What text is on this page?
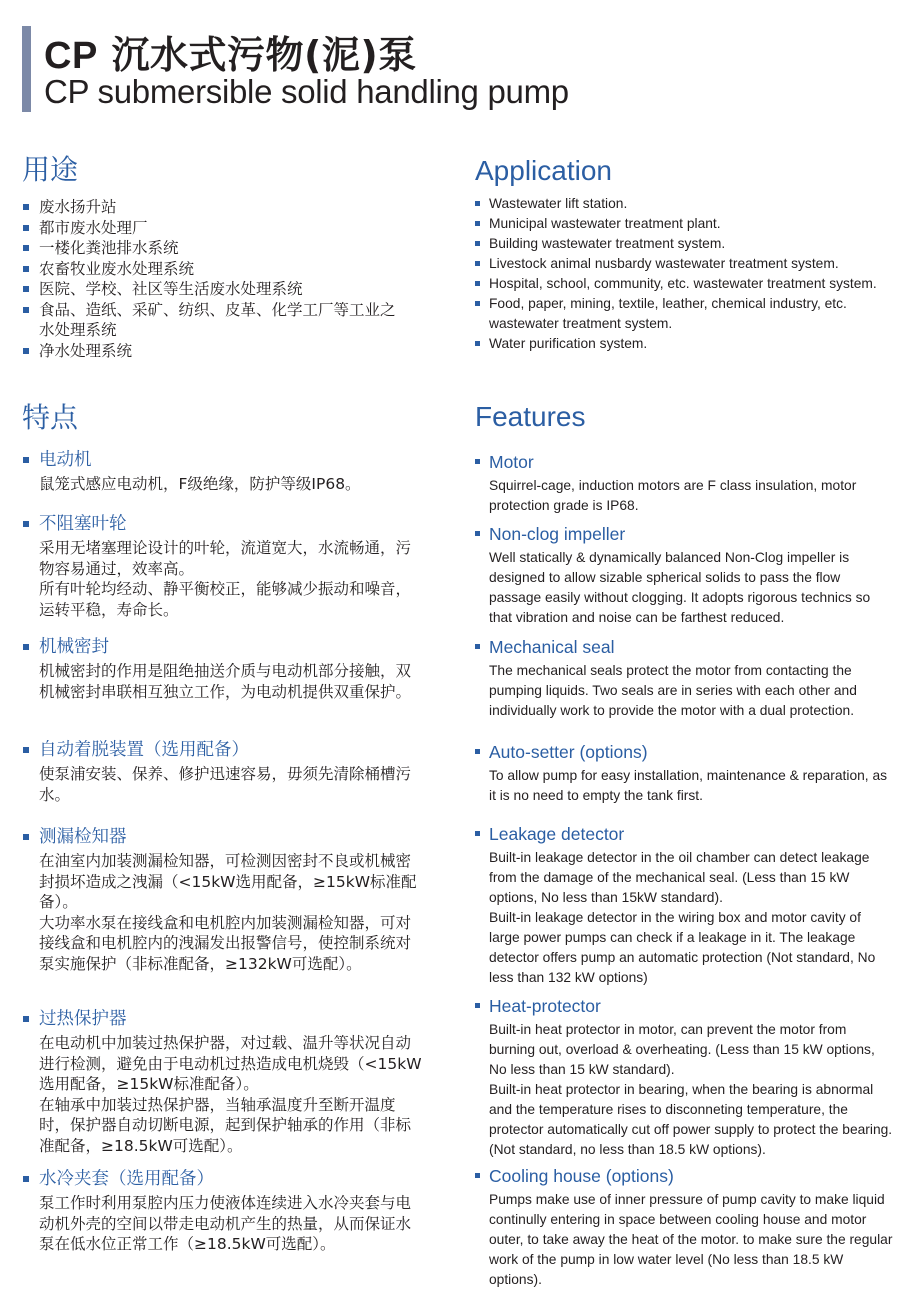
CP 沉水式污物(泥)泵
CP submersible solid handling pump
用途
废水扬升站
都市废水处理厂
一楼化粪池排水系统
农畜牧业废水处理系统
医院、学校、社区等生活废水处理系统
食品、造纸、采矿、纺织、皮革、化学工厂等工业之水处理系统
净水处理系统
特点
电动机

鼠笼式感应电动机，F级绝缘，防护等级IP68。

不阻塞叶轮

采用无堵塞理论设计的叶轮，流道宽大，水流畅通，污物容易通过，效率高。

所有叶轮均经动、静平衡校正，能够减少振动和噪音，运转平稳，寿命长。

机械密封

机械密封的作用是阻绝抽送介质与电动机部分接触，双机械密封串联相互独立工作，为电动机提供双重保护。

自动着脱装置（选用配备）

使泵浦安装、保养、修护迅速容易，毋须先清除桶槽污水。

测漏检知器

在油室内加装测漏检知器，可检测因密封不良或机械密封损坏造成之洩漏（<15kW选用配备，≥15kW标准配备）。

大功率水泵在接线盒和电机腔内加装测漏检知器，可对接线盒和电机腔内的洩漏发出报警信号，使控制系统对泵实施保护（非标准配备，≥132kW可选配）。

过热保护器

在电动机中加装过热保护器，对过载、温升等状况自动进行检测，避免由于电动机过热造成电机烧毁（<15kW选用配备，≥15kW标准配备）。

在轴承中加装过热保护器，当轴承温度升至断开温度时，保护器自动切断电源，起到保护轴承的作用（非标准配备，≥18.5kW可选配）。

水冷夹套（选用配备）

泵工作时利用泵腔内压力使液体连续进入水冷夹套与电动机外壳的空间以带走电动机产生的热量，从而保证水泵在低水位正常工作（≥18.5kW可选配）。

Application
Wastewater lift station.
Municipal wastewater treatment plant.
Building wastewater treatment system.
Livestock animal nusbardy wastewater treatment system.
Hospital, school, community, etc. wastewater treatment system.
Food, paper, mining, textile, leather, chemical industry, etc. wastewater treatment system.
Water purification system.
Features
Motor

Squirrel-cage, induction motors are F class insulation, motor protection grade is IP68.

Non-clog impeller

Well statically & dynamically balanced Non-Clog impeller is designed to allow sizable spherical solids to pass the flow passage easily without clogging. It adopts rigorous technics so that vibration and noise can be farthest reduced.

Mechanical seal

The mechanical seals protect the motor from contacting the pumping liquids. Two seals are in series with each other and individually work to provide the motor with a dual protection.

Auto-setter (options)

To allow pump for easy installation, maintenance & reparation, as it is no need to empty the tank first.

Leakage detector

Built-in leakage detector in the oil chamber can detect leakage from the damage of the mechanical seal. (Less than 15 kW options, No less than 15kW standard).

Built-in leakage detector in the wiring box and motor cavity of large power pumps can check if a leakage in it. The leakage detector offers pump an automatic protection (Not standard, No less than 132 kW options)

Heat-protector

Built-in heat protector in motor, can prevent the motor from burning out, overload & overheating. (Less than 15 kW options, No less than 15 kW standard).

Built-in heat protector in bearing, when the bearing is abnormal and the temperature rises to disconneting temperature, the protector automatically cut off power supply to protect the bearing. (Not standard, no less than 18.5 kW options).

Cooling house (options)

Pumps make use of inner pressure of pump cavity to make liquid continully entering in space between cooling house and motor outer, to take away the heat of the motor. to make sure the regular work of the pump in low water level (No less than 18.5 kW options).
